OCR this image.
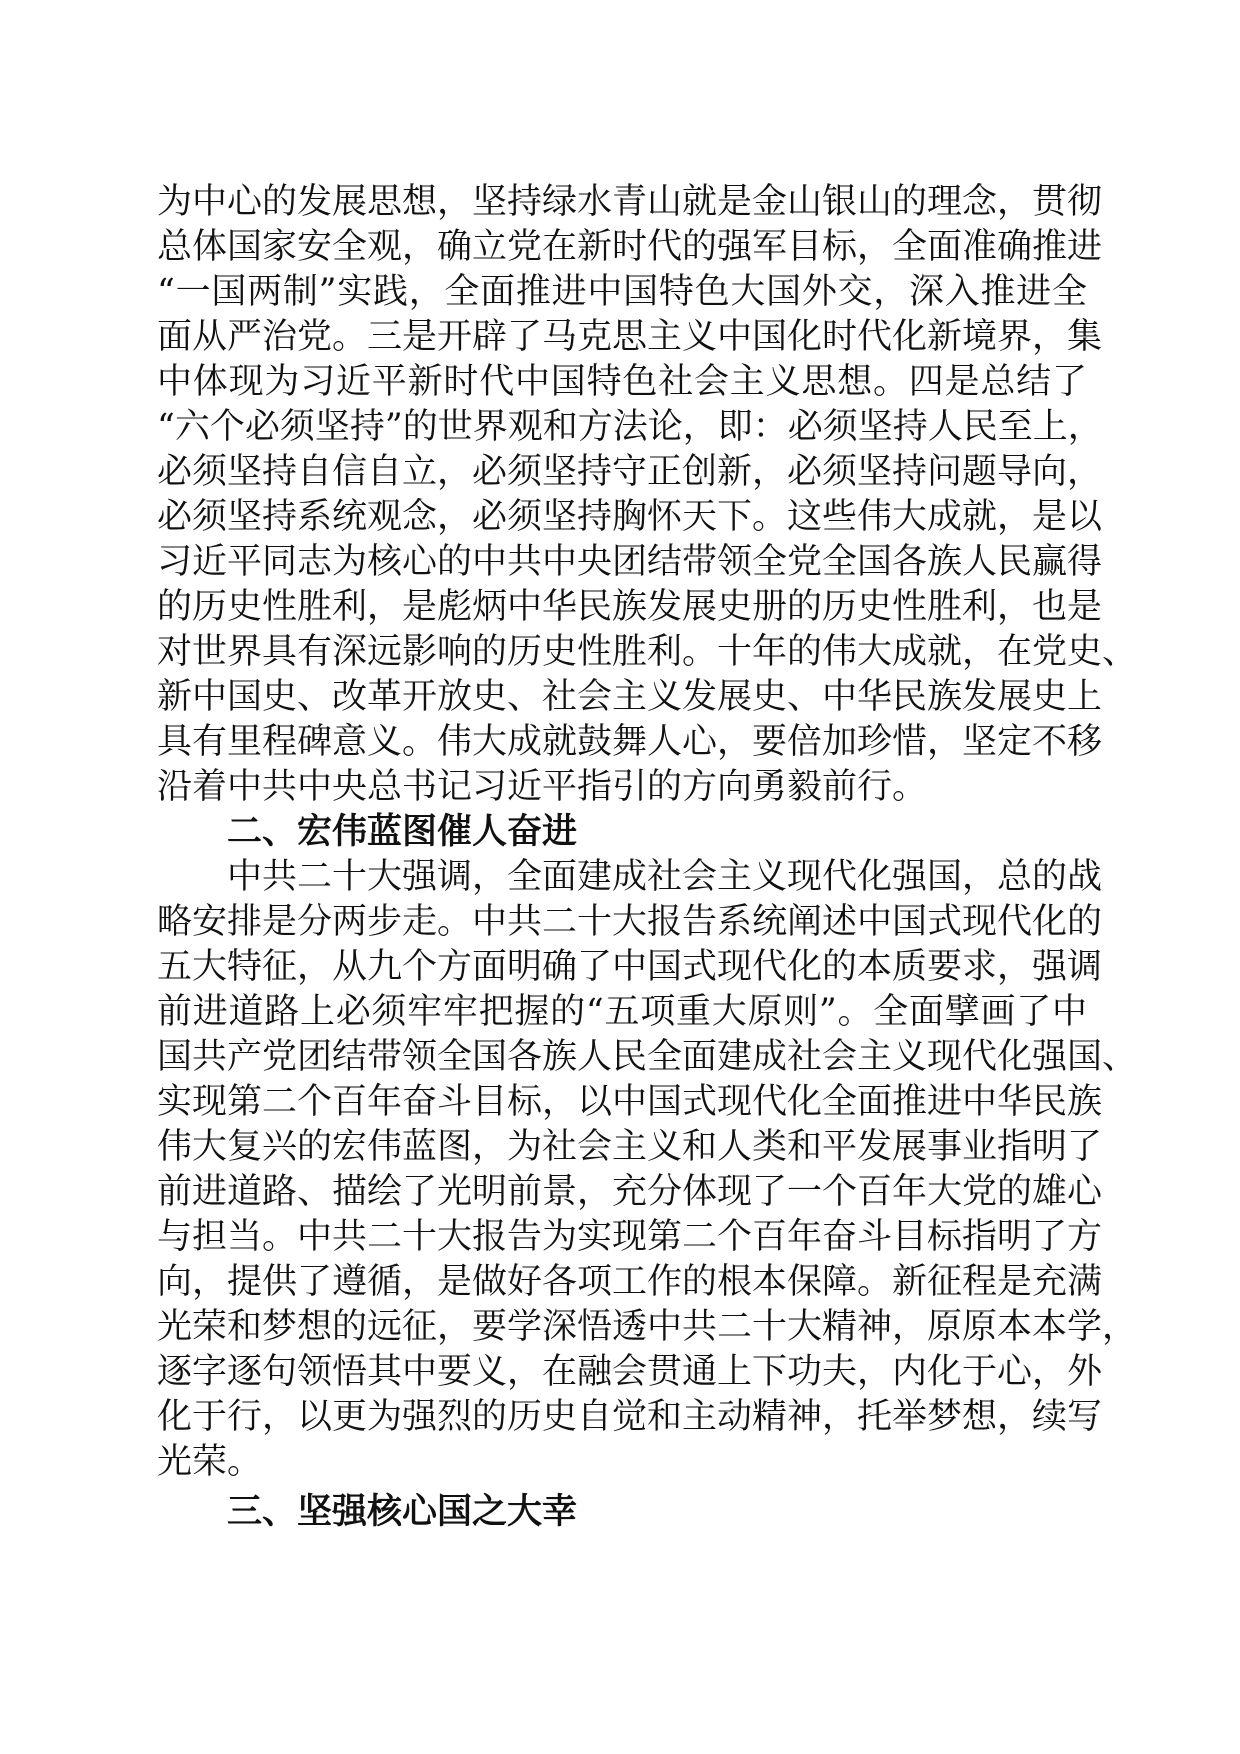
为中心的发展思想，坚持绿水青山就是金山银山的理念，贯彻
总体国家安全观，确立党在新时代的强军目标，全面准确推进
“一国两制”实践，全面推进中国特色大国外交，深入推进全
面从严治党。三是开辟了马克思主义中国化时代化新境界，集
中体现为习近平新时代中国特色社会主义思想。四是总结了
“六个必须坚持”的世界观和方法论，即：必须坚持人民至上，
必须坚持自信自立，必须坚持守正创新，必须坚持问题导向，
必须坚持系统观念，必须坚持胸怀天下。这些伟大成就，是以
习近平同志为核心的中共中央团结带领全党全国各族人民赢得
的历史性胜利，是彪炳中华民族发展史册的历史性胜利，也是
对世界具有深远影响的历史性胜利。十年的伟大成就，在党史、
新中国史、改革开放史、社会主义发展史、中华民族发展史上
具有里程碑意义。伟大成就鼓舞人心，要倍加珍惜，坚定不移
沿着中共中央总书记习近平指引的方向勇毅前行。
二、宏伟蓝图催人奋进
中共二十大强调，全面建成社会主义现代化强国，总的战
略安排是分两步走。中共二十大报告系统阐述中国式现代化的
五大特征，从九个方面明确了中国式现代化的本质要求，强调
前进道路上必须牢牢把握的“五项重大原则”。全面擘画了中
国共产党团结带领全国各族人民全面建成社会主义现代化强国、
实现第二个百年奋斗目标，以中国式现代化全面推进中华民族
伟大复兴的宏伟蓝图，为社会主义和人类和平发展事业指明了
前进道路、描绘了光明前景，充分体现了一个百年大党的雄心
与担当。中共二十大报告为实现第二个百年奋斗目标指明了方
向，提供了遵循，是做好各项工作的根本保障。新征程是充满
光荣和梦想的远征，要学深悟透中共二十大精神，原原本本学，
逐字逐句领悟其中要义，在融会贯通上下功夫，内化于心，外
化于行，以更为强烈的历史自觉和主动精神，托举梦想，续写
光荣。
三、坚强核心国之大幸
